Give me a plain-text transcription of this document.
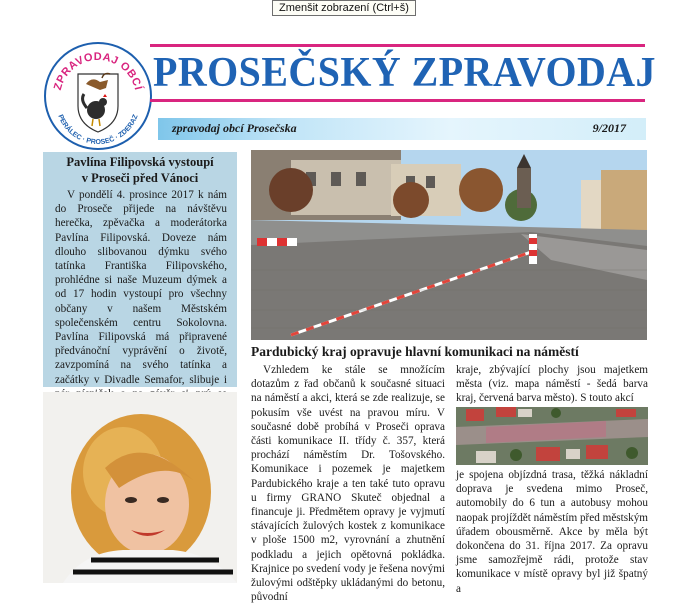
Zmenšit zobrazení (Ctrl+š)
ZPRAVODAJ OBCÍ
PERÁLEC · PROSEČ · ZDERAZ
PROSEČSKÝ ZPRAVODAJ
zpravodaj obcí Prosečska	9/2017
Pavlína Filipovská vystoupí
v Proseči před Vánoci

V pondělí 4. prosince 2017 k nám do Proseče přijede na návštěvu herečka, zpěvačka a moderátorka Pavlína Filipovská. Doveze nám dlouho slibovanou dýmku svého tatínka Františka Filipovského, prohlédne si naše Muzeum dýmek a od 17 hodin vystoupí pro všechny občany v našem Městském společenském centru Sokolovna. Pavlína Filipovská má připravené předvánoční vyprávění o životě, zavzpomíná na svého tatínka a začátky v Divadle Semafor, slibuje i

Pardubický kraj opravuje hlavní komunikaci na náměstí
Vzhledem ke stále se množícím dotazům z řad občanů k současné situaci na náměstí a akci, která se zde realizuje, se pokusím vše uvést na pravou míru. V současné době probíhá v Proseči oprava části komunikace II. třídy č. 357, která prochází náměstím Dr. Tošovského. Komunikace i pozemek je majetkem Pardubického kraje a ten také tuto opravu u firmy GRANO Skuteč objednal a financuje ji. Předmětem opravy je vyjmutí stávajících žulových kostek z komunikace v ploše 1500 m2, vyrovnání a zhutnění podkladu a jejich opětovná pokládka. Krajnice po svedení vody je řešena novými žulovými odštěpky ukládanými do betonu, původní
kraje, zbývající plochy jsou majetkem města (viz. mapa náměstí - šedá barva kraj, červená barva město). S touto akcí
je spojena objízdná trasa, těžká nákladní doprava je svedena mimo Proseč, automobily do 6 tun a autobusy mohou naopak projíždět náměstím před městským úřadem obousměrně. Akce by měla být dokončena do 31. října 2017. Za opravu jsme samozřejmě rádi, protože stav komunikace v místě opravy byl již špatný a
